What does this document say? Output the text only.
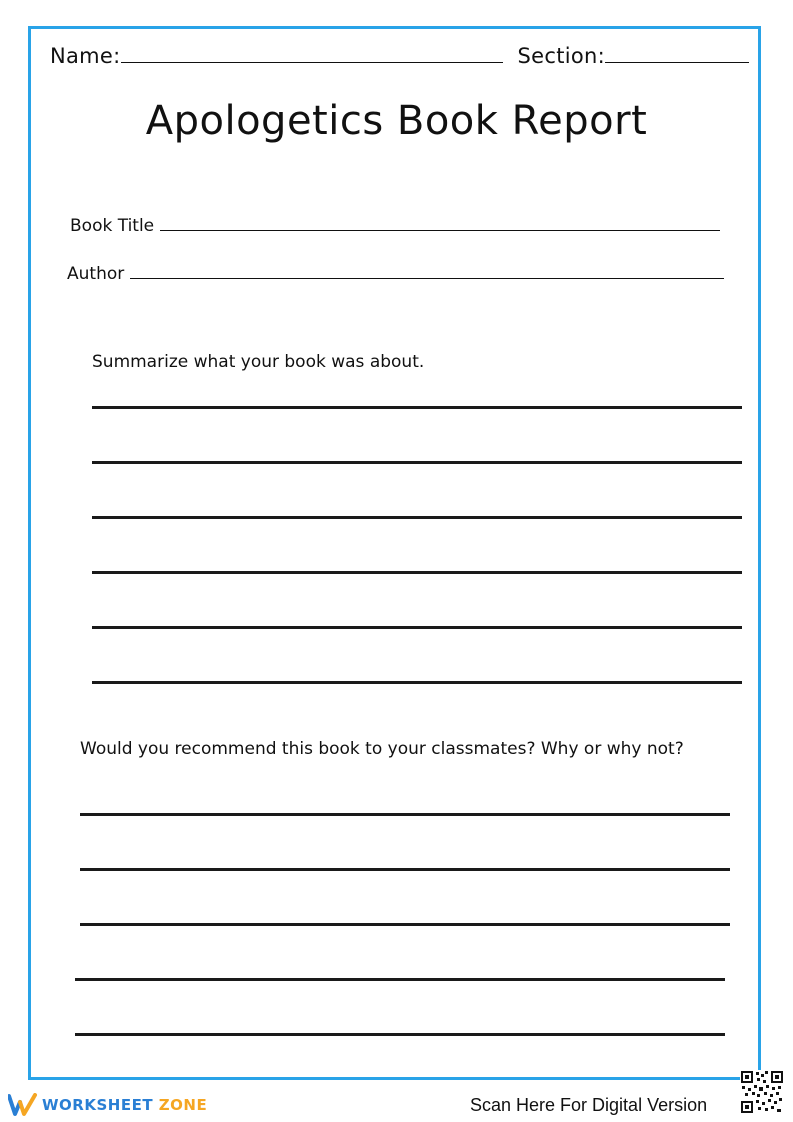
Name:	Section:
Apologetics Book Report
Book Title
Author
Summarize what your book was about.
Would you recommend this book to your classmates? Why or why not?
WORKSHEET ZONE	Scan Here For Digital Version
